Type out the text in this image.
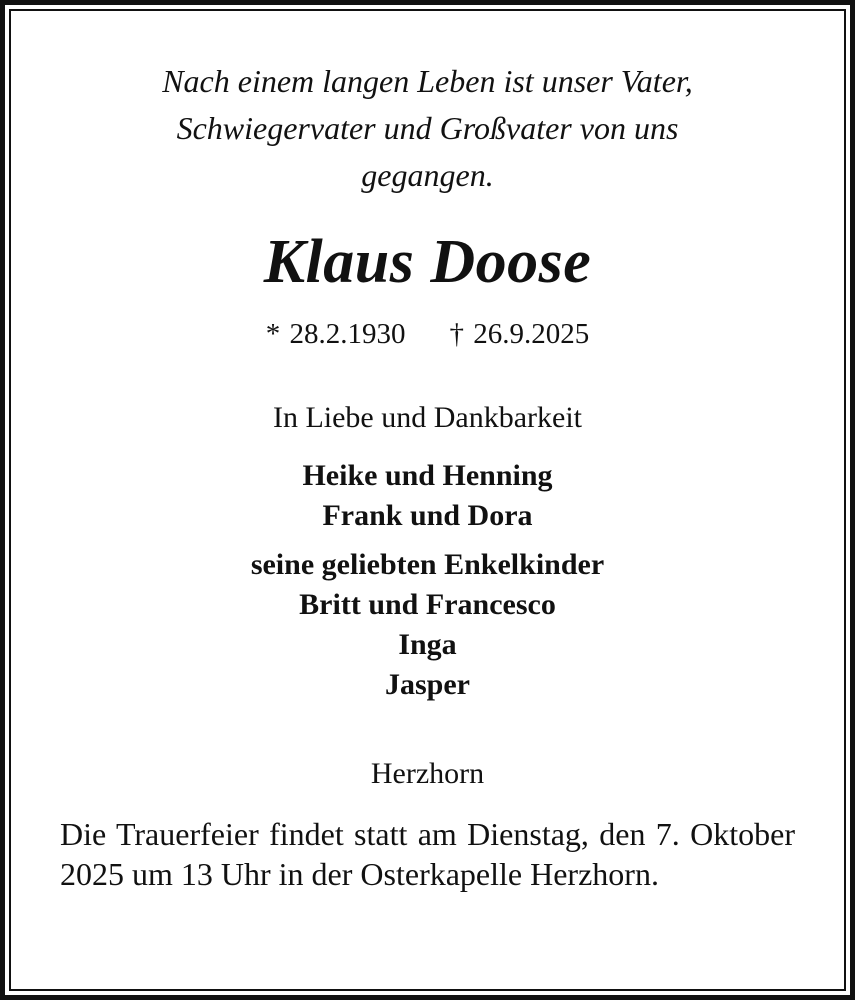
Nach einem langen Leben ist unser Vater,
Schwiegervater und Großvater von uns
gegangen.
Klaus Doose
* 28.2.1930 † 26.9.2025
In Liebe und Dankbarkeit
Heike und Henning
Frank und Dora
seine geliebten Enkelkinder
Britt und Francesco
Inga
Jasper
Herzhorn
Die Trauerfeier findet statt am Dienstag, den 7. Oktober 2025 um 13 Uhr in der Osterkapelle Herzhorn.
